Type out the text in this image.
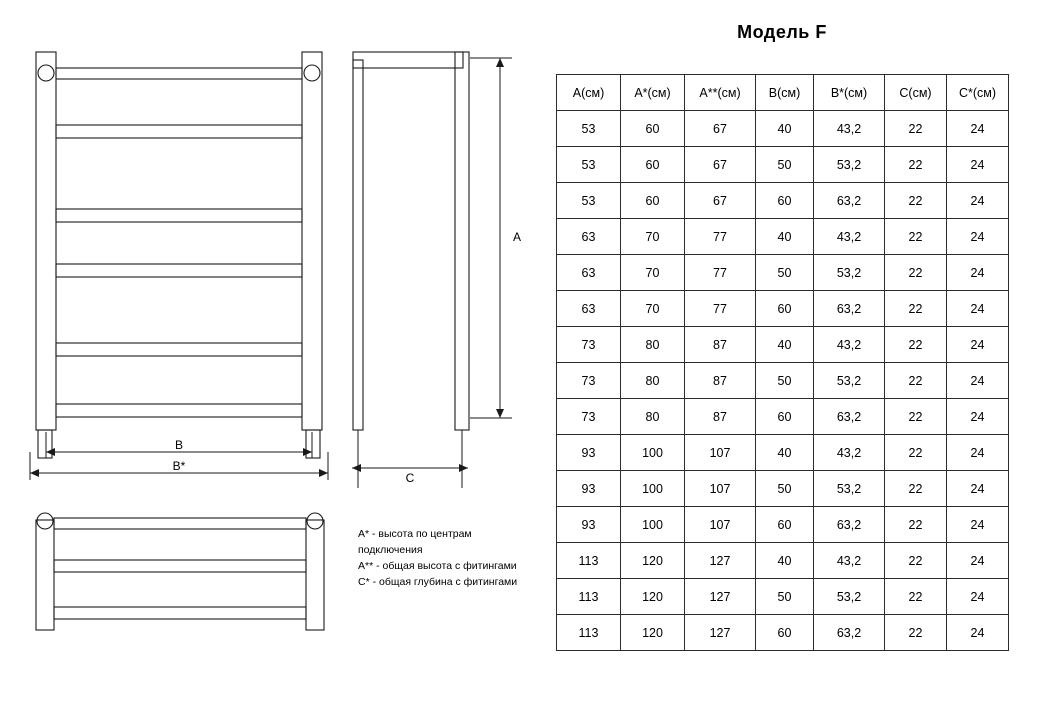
B
B*
C
A
A* - высота по центрам подключения
A** - общая высота с фитингами
C* - общая глубина с фитингами
Модель F
A(см)	A*(см)	A**(см)	B(см)	B*(см)	C(см)	C*(см)
53	60	67	40	43,2	22	24
53	60	67	50	53,2	22	24
53	60	67	60	63,2	22	24
63	70	77	40	43,2	22	24
63	70	77	50	53,2	22	24
63	70	77	60	63,2	22	24
73	80	87	40	43,2	22	24
73	80	87	50	53,2	22	24
73	80	87	60	63,2	22	24
93	100	107	40	43,2	22	24
93	100	107	50	53,2	22	24
93	100	107	60	63,2	22	24
113	120	127	40	43,2	22	24
113	120	127	50	53,2	22	24
113	120	127	60	63,2	22	24
